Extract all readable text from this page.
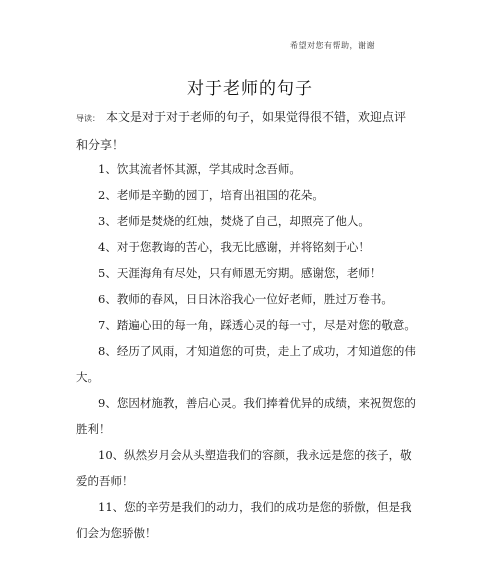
希望对您有帮助，谢谢
对于老师的句子
导读： 本文是对于对于老师的句子，如果觉得很不错，欢迎点评和分享！
1、饮其流者怀其源，学其成时念吾师。
2、老师是辛勤的园丁，培育出祖国的花朵。
3、老师是焚烧的红烛，焚烧了自己，却照亮了他人。
4、对于您教诲的苦心，我无比感谢，并将铭刻于心！
5、天涯海角有尽处，只有师恩无穷期。感谢您，老师！
6、教师的春风，日日沐浴我心一位好老师，胜过万卷书。
7、踏遍心田的每一角，踩透心灵的每一寸，尽是对您的敬意。
8、经历了风雨，才知道您的可贵，走上了成功，才知道您的伟大。
9、您因材施教，善启心灵。我们捧着优异的成绩，来祝贺您的胜利！
10、纵然岁月会从头塑造我们的容颜，我永远是您的孩子，敬爱的吾师！
11、您的辛劳是我们的动力，我们的成功是您的骄傲，但是我们会为您骄傲！
